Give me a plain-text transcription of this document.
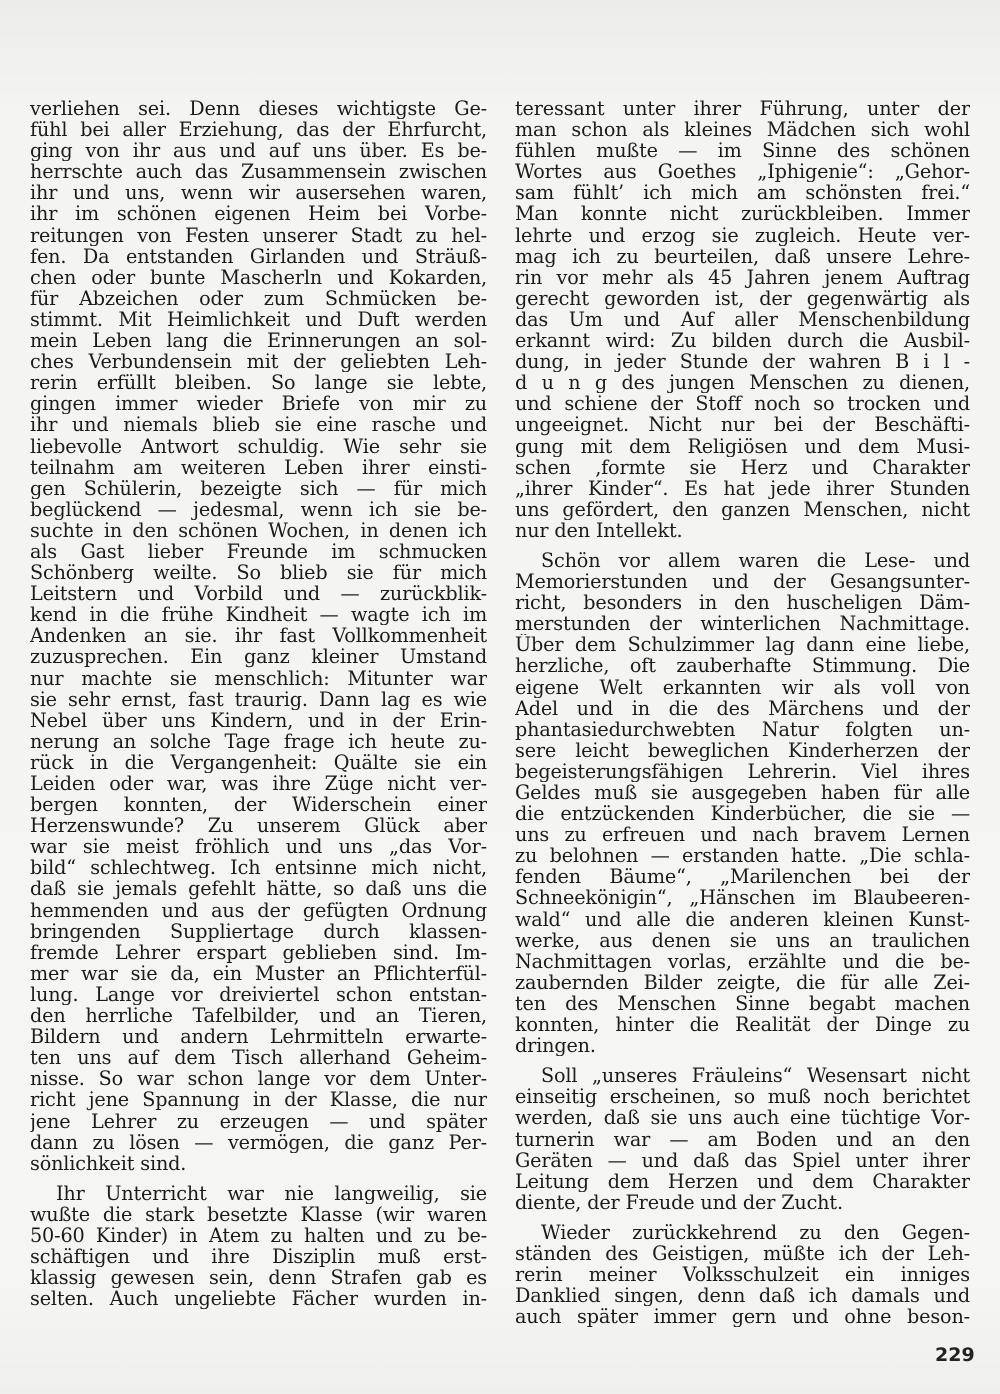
verliehen sei. Denn dieses wichtigste Ge-
fühl bei aller Erziehung, das der Ehrfurcht,
ging von ihr aus und auf uns über. Es be-
herrschte auch das Zusammensein zwischen
ihr und uns, wenn wir ausersehen waren,
ihr im schönen eigenen Heim bei Vorbe-
reitungen von Festen unserer Stadt zu hel-
fen. Da entstanden Girlanden und Sträuß-
chen oder bunte Mascherln und Kokarden,
für Abzeichen oder zum Schmücken be-
stimmt. Mit Heimlichkeit und Duft werden
mein Leben lang die Erinnerungen an sol-
ches Verbundensein mit der geliebten Leh-
rerin erfüllt bleiben. So lange sie lebte,
gingen immer wieder Briefe von mir zu
ihr und niemals blieb sie eine rasche und
liebevolle Antwort schuldig. Wie sehr sie
teilnahm am weiteren Leben ihrer einsti-
gen Schülerin, bezeigte sich — für mich
beglückend — jedesmal, wenn ich sie be-
suchte in den schönen Wochen, in denen ich
als Gast lieber Freunde im schmucken
Schönberg weilte. So blieb sie für mich
Leitstern und Vorbild und — zurückblik-
kend in die frühe Kindheit — wagte ich im
Andenken an sie. ihr fast Vollkommenheit
zuzusprechen. Ein ganz kleiner Umstand
nur machte sie menschlich: Mitunter war
sie sehr ernst, fast traurig. Dann lag es wie
Nebel über uns Kindern, und in der Erin-
nerung an solche Tage frage ich heute zu-
rück in die Vergangenheit: Quälte sie ein
Leiden oder war, was ihre Züge nicht ver-
bergen konnten, der Widerschein einer
Herzenswunde? Zu unserem Glück aber
war sie meist fröhlich und uns „das Vor-
bild“ schlechtweg. Ich entsinne mich nicht,
daß sie jemals gefehlt hätte, so daß uns die
hemmenden und aus der gefügten Ordnung
bringenden Suppliertage durch klassen-
fremde Lehrer erspart geblieben sind. Im-
mer war sie da, ein Muster an Pflichterfül-
lung. Lange vor dreiviertel schon entstan-
den herrliche Tafelbilder, und an Tieren,
Bildern und andern Lehrmitteln erwarte-
ten uns auf dem Tisch allerhand Geheim-
nisse. So war schon lange vor dem Unter-
richt jene Spannung in der Klasse, die nur
jene Lehrer zu erzeugen — und später
dann zu lösen — vermögen, die ganz Per-
sönlichkeit sind.
Ihr Unterricht war nie langweilig, sie
wußte die stark besetzte Klasse (wir waren
50-60 Kinder) in Atem zu halten und zu be-
schäftigen und ihre Disziplin muß erst-
klassig gewesen sein, denn Strafen gab es
selten. Auch ungeliebte Fächer wurden in-
teressant unter ihrer Führung, unter der
man schon als kleines Mädchen sich wohl
fühlen mußte — im Sinne des schönen
Wortes aus Goethes „Iphigenie“: „Gehor-
sam fühlt’ ich mich am schönsten frei.“
Man konnte nicht zurückbleiben. Immer
lehrte und erzog sie zugleich. Heute ver-
mag ich zu beurteilen, daß unsere Lehre-
rin vor mehr als 45 Jahren jenem Auftrag
gerecht geworden ist, der gegenwärtig als
das Um und Auf aller Menschenbildung
erkannt wird: Zu bilden durch die Ausbil-
dung, in jeder Stunde der wahren B i l -
d u n g des jungen Menschen zu dienen,
und schiene der Stoff noch so trocken und
ungeeignet. Nicht nur bei der Beschäfti-
gung mit dem Religiösen und dem Musi-
schen ‚formte sie Herz und Charakter
„ihrer Kinder“. Es hat jede ihrer Stunden
uns gefördert, den ganzen Menschen, nicht
nur den Intellekt.
Schön vor allem waren die Lese- und
Memorierstunden und der Gesangsunter-
richt, besonders in den huscheligen Däm-
merstunden der winterlichen Nachmittage.
Über dem Schulzimmer lag dann eine liebe,
herzliche, oft zauberhafte Stimmung. Die
eigene Welt erkannten wir als voll von
Adel und in die des Märchens und der
phantasiedurchwebten Natur folgten un-
sere leicht beweglichen Kinderherzen der
begeisterungsfähigen Lehrerin. Viel ihres
Geldes muß sie ausgegeben haben für alle
die entzückenden Kinderbücher, die sie —
uns zu erfreuen und nach bravem Lernen
zu belohnen — erstanden hatte. „Die schla-
fenden Bäume“, „Marilenchen bei der
Schneekönigin“, „Hänschen im Blaubeeren-
wald“ und alle die anderen kleinen Kunst-
werke, aus denen sie uns an traulichen
Nachmittagen vorlas, erzählte und die be-
zaubernden Bilder zeigte, die für alle Zei-
ten des Menschen Sinne begabt machen
konnten, hinter die Realität der Dinge zu
dringen.
Soll „unseres Fräuleins“ Wesensart nicht
einseitig erscheinen, so muß noch berichtet
werden, daß sie uns auch eine tüchtige Vor-
turnerin war — am Boden und an den
Geräten — und daß das Spiel unter ihrer
Leitung dem Herzen und dem Charakter
diente, der Freude und der Zucht.
Wieder zurückkehrend zu den Gegen-
ständen des Geistigen, müßte ich der Leh-
rerin meiner Volksschulzeit ein inniges
Danklied singen, denn daß ich damals und
auch später immer gern und ohne beson-
229
